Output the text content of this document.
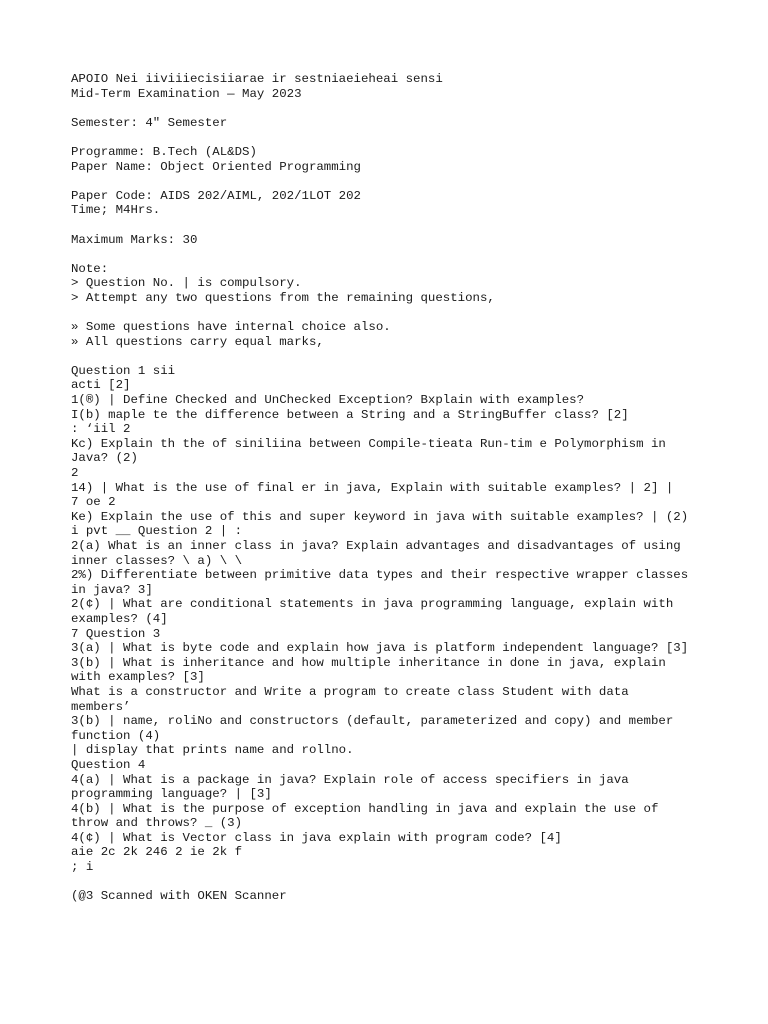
APOIO Nei iiviiiecisiiarae ir sestniaeieheai sensi
Mid-Term Examination — May 2023
Semester: 4" Semester
Programme: B.Tech (AL&DS)
Paper Name: Object Oriented Programming
Paper Code: AIDS 202/AIML, 202/1LOT 202
Time; M4Hrs.
Maximum Marks: 30
Note:
> Question No. | is compulsory.
> Attempt any two questions from the remaining questions,
» Some questions have internal choice also.
» All questions carry equal marks,
Question 1 sii
acti [2]
1(®) | Define Checked and UnChecked Exception? Bxplain with examples?
I(b) maple te the difference between a String and a StringBuffer class? [2]
: ‘iil 2
Kc) Explain th the of siniliina between Compile-tieata Run-tim e Polymorphism in
Java? (2)
2
14) | What is the use of final er in java, Explain with suitable examples? | 2] |
7 oe 2
Ke) Explain the use of this and super keyword in java with suitable examples? | (2)
i pvt __ Question 2 | :
2(a) What is an inner class in java? Explain advantages and disadvantages of using
inner classes? \ a) \ \
2%) Differentiate between primitive data types and their respective wrapper classes
in java? 3]
2(¢) | What are conditional statements in java programming language, explain with
examples? (4]
7 Question 3
3(a) | What is byte code and explain how java is platform independent language? [3]
3(b) | What is inheritance and how multiple inheritance in done in java, explain
with examples? [3]
What is a constructor and Write a program to create class Student with data
members’
3(b) | name, roliNo and constructors (default, parameterized and copy) and member
function (4)
| display that prints name and rollno.
Question 4
4(a) | What is a package in java? Explain role of access specifiers in java
programming language? | [3]
4(b) | What is the purpose of exception handling in java and explain the use of
throw and throws? _ (3)
4(¢) | What is Vector class in java explain with program code? [4]
aie 2c 2k 246 2 ie 2k f
; i
(@3 Scanned with OKEN Scanner
